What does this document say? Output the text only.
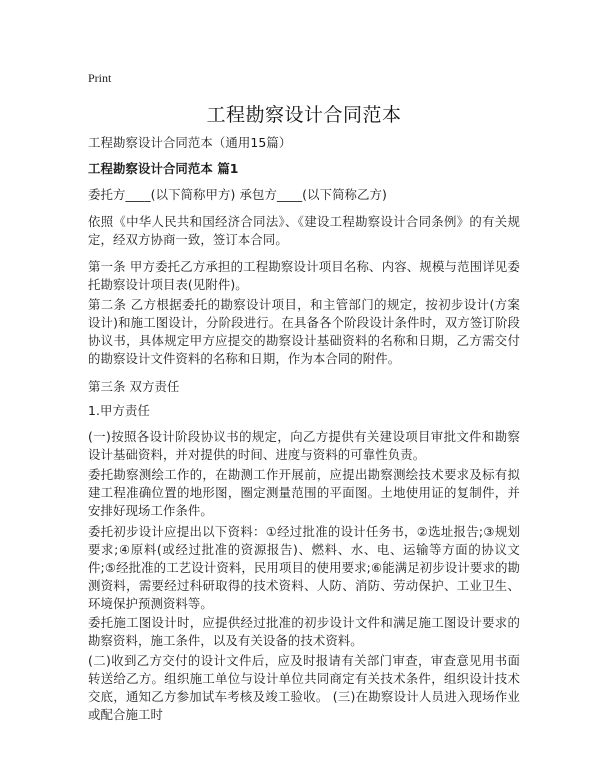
Print
工程勘察设计合同范本
工程勘察设计合同范本（通用15篇）
工程勘察设计合同范本 篇1
委托方____(以下简称甲方) 承包方____(以下简称乙方)
依照《中华人民共和国经济合同法》、《建设工程勘察设计合同条例》的有关规定，经双方协商一致，签订本合同。
第一条 甲方委托乙方承担的工程勘察设计项目名称、内容、规模与范围详见委托勘察设计项目表(见附件)。
第二条 乙方根据委托的勘察设计项目，和主管部门的规定，按初步设计(方案设计)和施工图设计，分阶段进行。在具备各个阶段设计条件时，双方签订阶段协议书，具体规定甲方应提交的勘察设计基础资料的名称和日期，乙方需交付的勘察设计文件资料的名称和日期，作为本合同的附件。
第三条 双方责任
1.甲方责任
(一)按照各设计阶段协议书的规定，向乙方提供有关建设项目审批文件和勘察设计基础资料，并对提供的时间、进度与资料的可靠性负责。
委托勘察测绘工作的，在勘测工作开展前，应提出勘察测绘技术要求及标有拟建工程准确位置的地形图，圈定测量范围的平面图。土地使用证的复制件，并安排好现场工作条件。
委托初步设计应提出以下资料：①经过批准的设计任务书，②选址报告;③规划要求;④原料(或经过批准的资源报告)、燃料、水、电、运输等方面的协议文件;⑤经批准的工艺设计资料，民用项目的使用要求;⑥能满足初步设计要求的勘测资料，需要经过科研取得的技术资料、人防、消防、劳动保护、工业卫生、环境保护预测资料等。
委托施工图设计时，应提供经过批准的初步设计文件和满足施工图设计要求的勘察资料，施工条件，以及有关设备的技术资料。
(二)收到乙方交付的设计文件后，应及时报请有关部门审查，审查意见用书面转送给乙方。组织施工单位与设计单位共同商定有关技术条件，组织设计技术交底，通知乙方参加试车考核及竣工验收。 (三)在勘察设计人员进入现场作业或配合施工时
